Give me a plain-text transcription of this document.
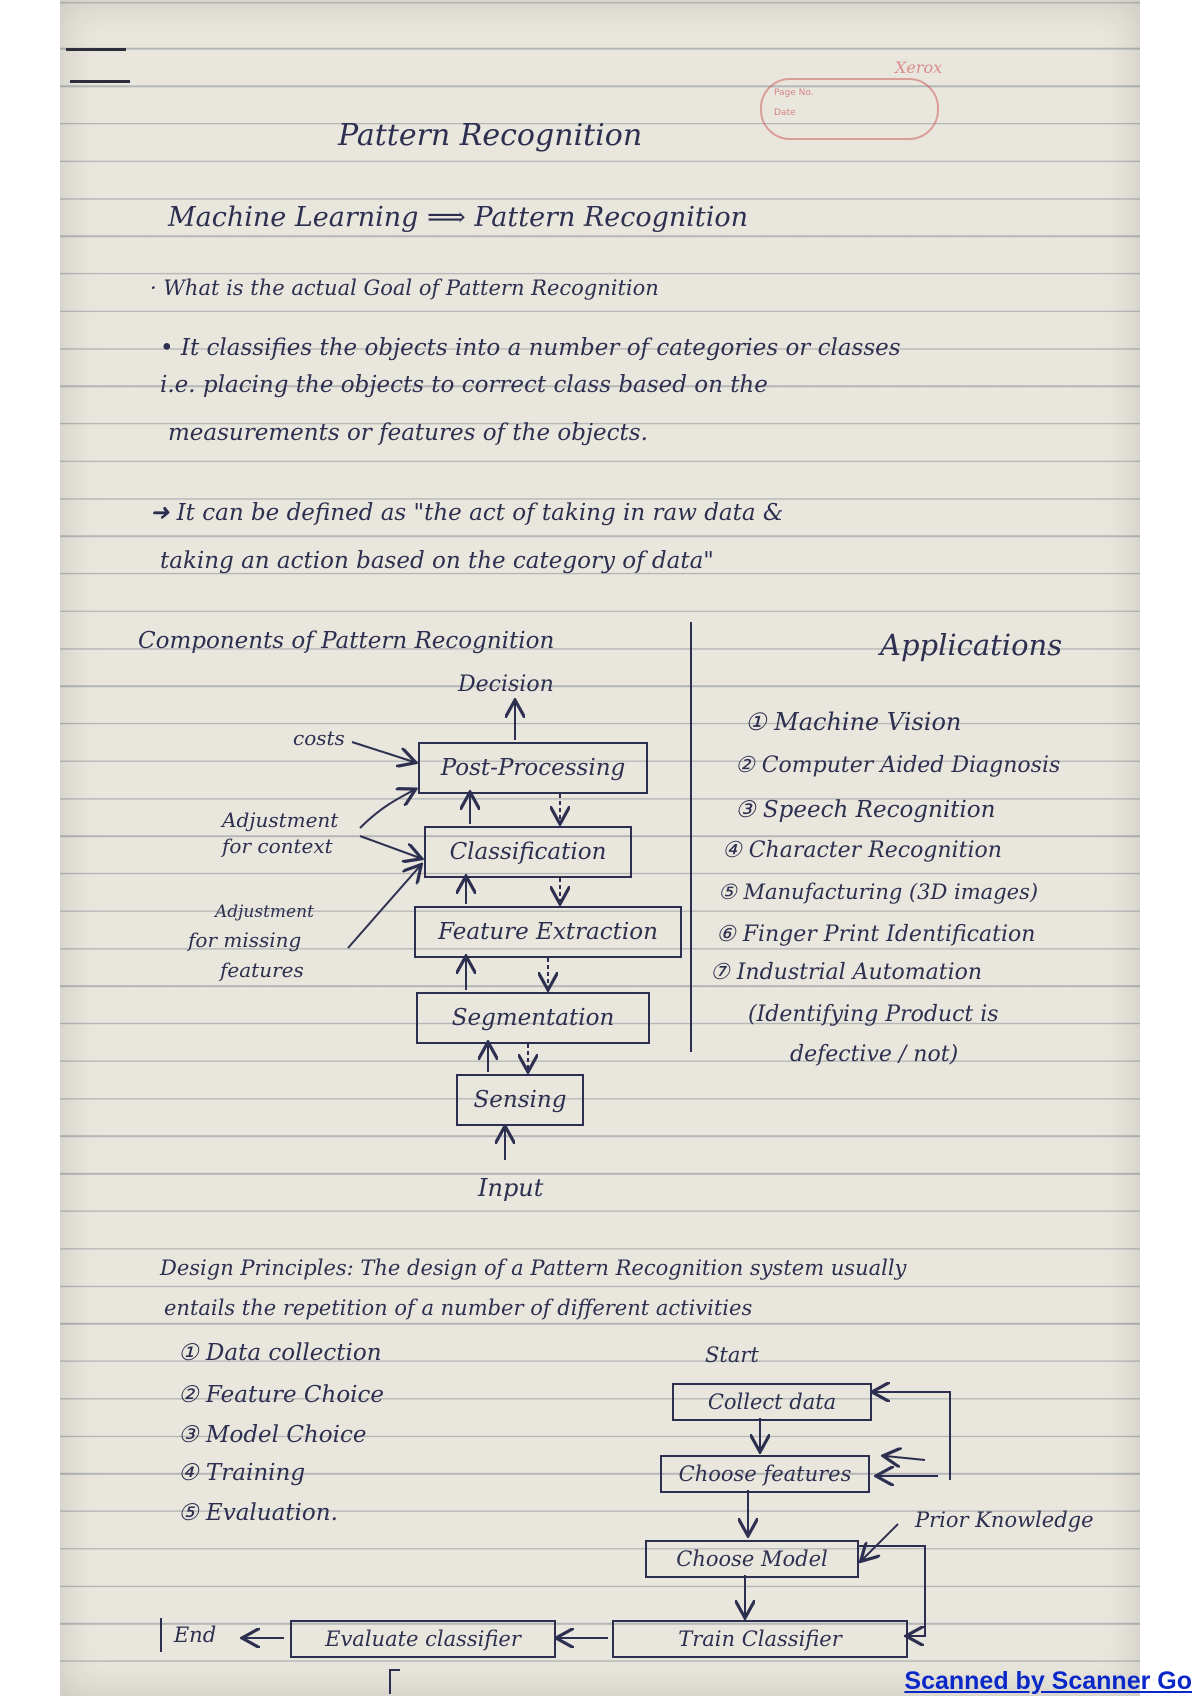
Page No.
Date
Xerox
Pattern Recognition
Machine Learning ⟹ Pattern Recognition
· What is the actual Goal of Pattern Recognition
• It classifies the objects into a number of categories or classes
i.e. placing the objects to correct class based on the
measurements or features of the objects.
➜ It can be defined as "the act of taking in raw data &
taking an action based on the category of data"
Components of Pattern Recognition	Applications
Decision
Post-Processing
Classification
Feature Extraction
Segmentation
Sensing
Input
costs
Adjustment
for context
Adjustment
for missing
features
① Machine Vision
② Computer Aided Diagnosis
③ Speech Recognition
④ Character Recognition
⑤ Manufacturing (3D images)
⑥ Finger Print Identification
⑦ Industrial Automation
(Identifying Product is
defective / not)
Design Principles: The design of a Pattern Recognition system usually
entails the repetition of a number of different activities
① Data collection
② Feature Choice
③ Model Choice
④ Training
⑤ Evaluation.
Start
Collect data
Choose features
Choose Model
Train Classifier
Evaluate classifier
End
Prior Knowledge
Scanned by Scanner Go
